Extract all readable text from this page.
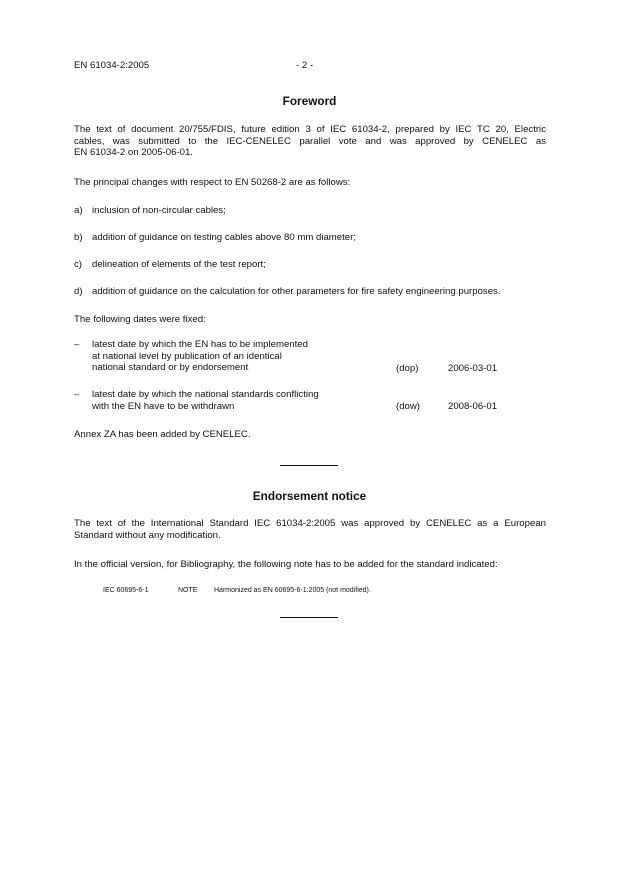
EN 61034-2:2005	- 2 -
Foreword
The text of document 20/755/FDIS, future edition 3 of IEC 61034-2, prepared by IEC TC 20, Electric
cables, was submitted to the IEC-CENELEC parallel vote and was approved by CENELEC as
EN 61034-2 on 2005-06-01.
The principal changes with respect to EN 50268-2 are as follows:
a) inclusion of non-circular cables;
b) addition of guidance on testing cables above 80 mm diameter;
c) delineation of elements of the test report;
d) addition of guidance on the calculation for other parameters for fire safety engineering purposes.
The following dates were fixed:
– latest date by which the EN has to be implemented
at national level by publication of an identical
national standard or by endorsement	(dop)	2006-03-01
– latest date by which the national standards conflicting
with the EN have to be withdrawn	(dow)	2008-06-01
Annex ZA has been added by CENELEC.
Endorsement notice
The text of the International Standard IEC 61034-2:2005 was approved by CENELEC as a European
Standard without any modification.
In the official version, for Bibliography, the following note has to be added for the standard indicated:
IEC 60695-6-1	NOTE Harmonized as EN 60695-6-1:2005 (not modified).
